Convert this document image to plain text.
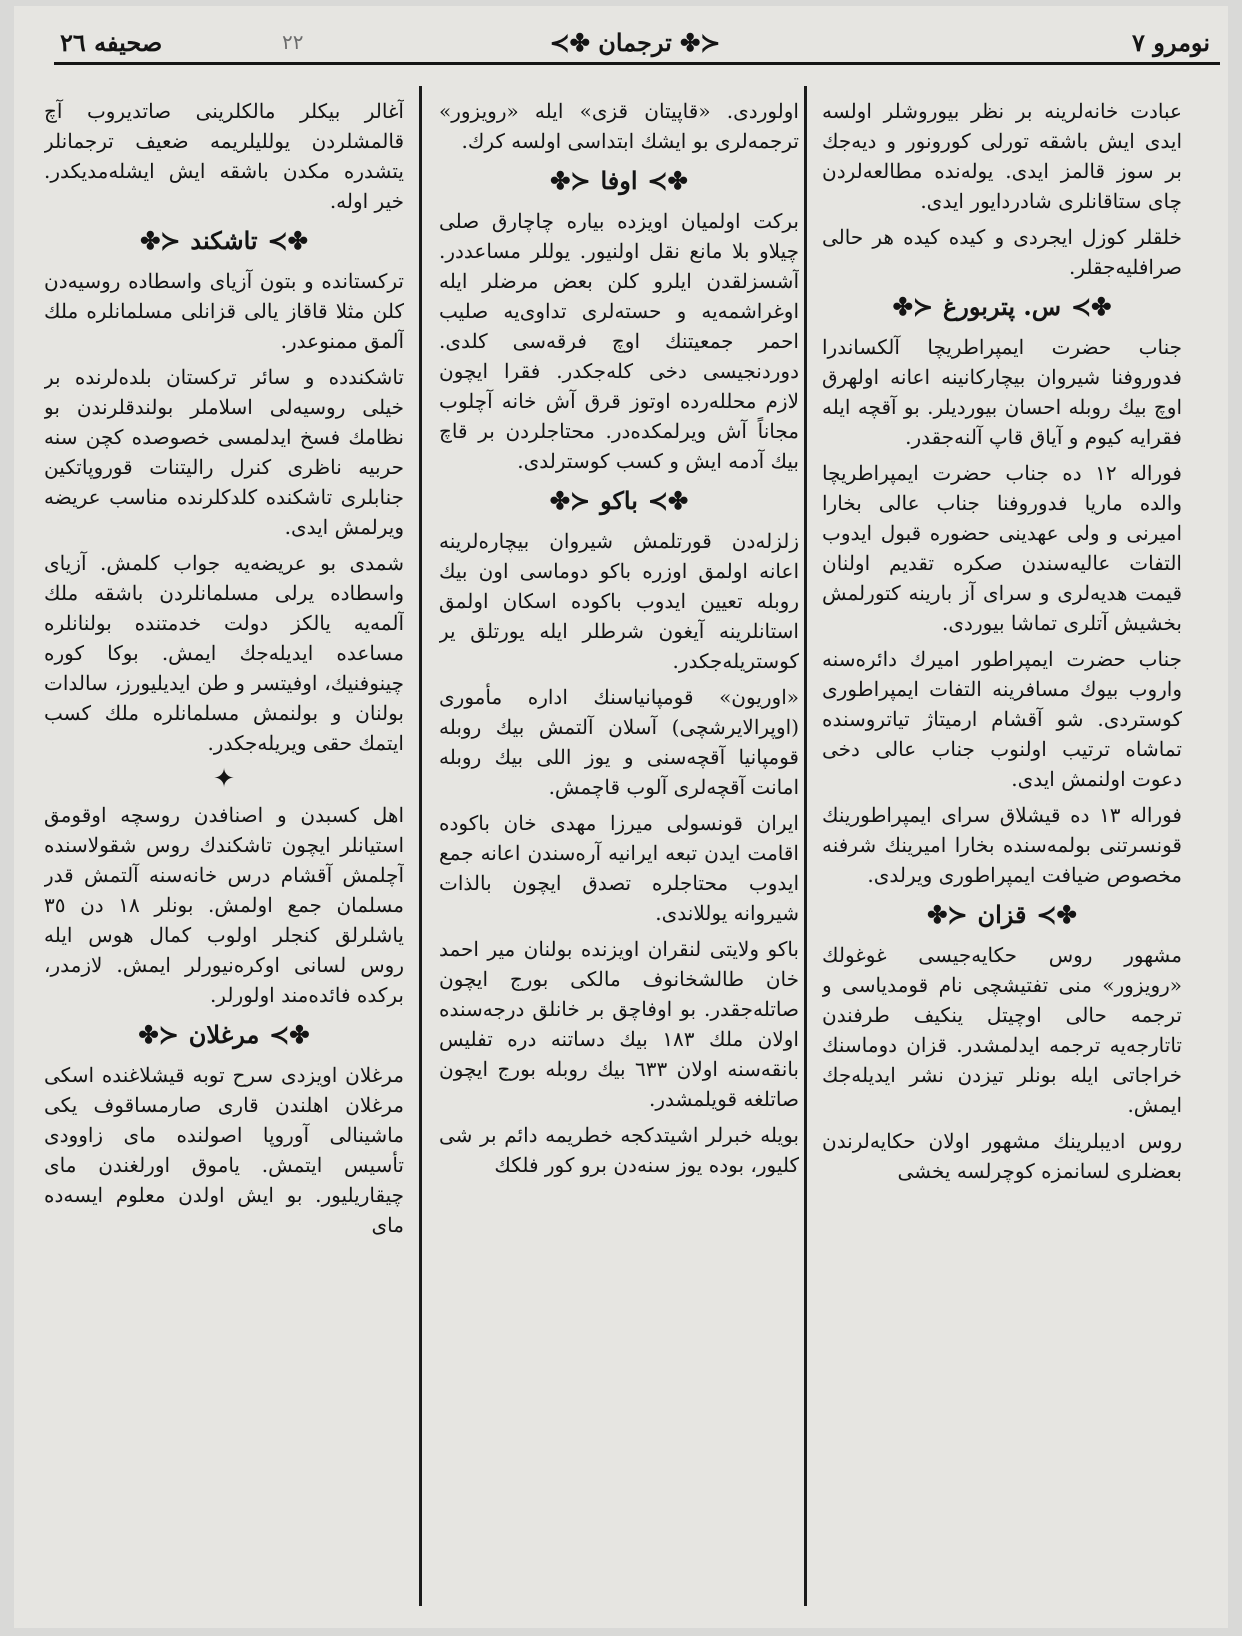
نومرو ٧
≺✤ ترجمان ✤≻
٢٢
صحیفه ٢٦

عبادت خانه‌لرینه بر نظر بیوروشلر اولسه ایدی ایش باشقه تورلی کورونور و دیه‌جك بر سوز قالمز ایدی. یوله‌نده مطالعه‌لردن چای ستاقانلری شادردایور ایدی.

خلقلر کوزل ایجردی و کیده کیده هر حالی صرافلیه‌جقلر.

✤≻
س. پتربورغ
≺✤

جناب حضرت ایمپراطریچا آلکساندرا فدوروفنا شیروان بیچارکانینه اعانه اولهرق اوچ بیك روبله احسان بیوردیلر. بو آقچه ایله فقرایه کیوم و آیاق قاپ آلنه‌جقدر.

فوراله ١٢ ده جناب حضرت ایمپراطریچا والده ماریا فدوروفنا جناب عالی بخارا امیرنی و ولی عهدینی حضوره قبول ایدوب التفات عالیه‌سندن صکره تقدیم اولنان قیمت هدیه‌لری و سرای آز بارینه کتورلمش بخشیش آتلری تماشا بیوردی.

جناب حضرت ایمپراطور امیرك دائره‌سنه واروب بیوك مسافرینه التفات ایمپراطوری کوستردی. شو آقشام ارمیتاژ تیاتروسنده تماشاه ترتیب اولنوب جناب عالی دخی دعوت اولنمش ایدی.

فوراله ١٣ ده قیشلاق سرای ایمپراطورینك قونسرتنی بولمه‌سنده بخارا امیرینك شرفنه مخصوص ضیافت ایمپراطوری ویرلدی.

✤≻
قزان
≺✤

مشهور روس حکایه‌جیسی غوغولك «رویزور» منی تفتیشچی نام قومدیاسی و ترجمه حالی اوچیتل ینکیف طرفندن تاتارجه‌یه ترجمه ایدلمشدر. قزان دوماسنك خراجاتی ایله بونلر تیزدن نشر ایدیله‌جك ایمش.

روس ادیبلرینك مشهور اولان حکایه‌لرندن بعضلری لسانمزه کوچرلسه یخشی

اولوردی. «قاپیتان قزی» ایله «رویزور» ترجمه‌لری بو ایشك ابتداسی اولسه کرك.

✤≻
اوفا
≺✤

برکت اولمیان اویزده بیاره چاچارق صلی چیلاو بلا مانع نقل اولنیور. یوللر مساعددر. آشسزلقدن ایلرو کلن بعض مرضلر ایله اوغراشمه‌یه و حسته‌لری تداوی‌یه صلیب احمر جمعیتنك اوچ فرقه‌سی کلدی. دوردنجیسی دخی کله‌جکدر. فقرا ایچون لازم محلله‌رده اوتوز قرق آش خانه آچلوب مجاناً آش ویرلمکده‌در. محتاجلردن بر قاچ بیك آدمه ایش و کسب کوسترلدی.

✤≻
باکو
≺✤

زلزله‌دن قورتلمش شیروان بیچاره‌لرینه اعانه اولمق اوزره باکو دوماسی اون بیك روبله تعیین ایدوب باکوده اسکان اولمق استانلرینه آیغون شرطلر ایله یورتلق یر کوستریله‌جکدر.

«اوریون» قومپانیاسنك اداره مأموری (اوپرالایرشچی) آسلان آلتمش بیك روبله قومپانیا آقچه‌سنی و یوز اللی بیك روبله امانت آقچه‌لری آلوب قاچمش.

ایران قونسولی میرزا مهدی خان باکوده اقامت ایدن تبعه ایرانیه آره‌سندن اعانه جمع ایدوب محتاجلره تصدق ایچون بالذات شیروانه یوللاندی.

باکو ولایتی لنقران اویزنده بولنان میر احمد خان طالشخانوف مالکی بورج ایچون صاتله‌جقدر. بو اوفاچق بر خانلق درجه‌سنده اولان ملك ١٨٣ بیك دساتنه دره تفلیس بانقه‌سنه اولان ٦٣٣ بیك روبله بورج ایچون صاتلغه قویلمشدر.

بویله خبرلر اشیتدکجه خطریمه دائم بر شی کلیور، بوده یوز سنه‌دن برو کور فلکك

آغالر بیکلر مالکلرینی صاتدیروب آچ قالمشلردن یوللیلریمه ضعیف ترجمانلر یتشدره مکدن باشقه ایش ایشله‌مدیکدر. خیر اوله.

✤≻
تاشکند
≺✤

ترکستانده و بتون آزیای واسطاده روسیه‌دن کلن مثلا قاقاز یالی قزانلی مسلمانلره ملك آلمق ممنوعدر.

تاشکندده و سائر ترکستان بلده‌لرنده بر خیلی روسیه‌لی اسلاملر بولندقلرندن بو نظامك فسخ ایدلمسی خصوصده کچن سنه حربیه ناظری کنرل رالیتنات قوروپاتکین جنابلری تاشکنده کلدکلرنده مناسب عریضه ویرلمش ایدی.

شمدی بو عریضه‌یه جواب کلمش. آزیای واسطاده یرلی مسلمانلردن باشقه ملك آلمه‌یه یالکز دولت خدمتنده بولنانلره مساعده ایدیله‌جك ایمش. بوکا کوره چینوفنیك، اوفیتسر و طن ایدیلیورز، سالدات بولنان و بولنمش مسلمانلره ملك کسب ایتمك حقی ویریله‌جکدر.

✦

اهل کسبدن و اصنافدن روسچه اوقومق استیانلر ایچون تاشکندك روس شقولاسنده آچلمش آقشام درس خانه‌سنه آلتمش قدر مسلمان جمع اولمش. بونلر ١٨ دن ٣٥ یاشلرلق کنجلر اولوب کمال هوس ایله روس لسانی اوکره‌نیورلر ایمش. لازمدر، برکده فائده‌مند اولورلر.

✤≻
مرغلان
≺✤

مرغلان اویزدی سرح توبه قیشلاغنده اسکی مرغلان اهلندن قاری صارمساقوف یکی ماشینالی آوروپا اصولنده مای زاوودی تأسیس ایتمش. یاموق اورلغندن مای چیقاریلیور. بو ایش اولدن معلوم ایسه‌ده مای
